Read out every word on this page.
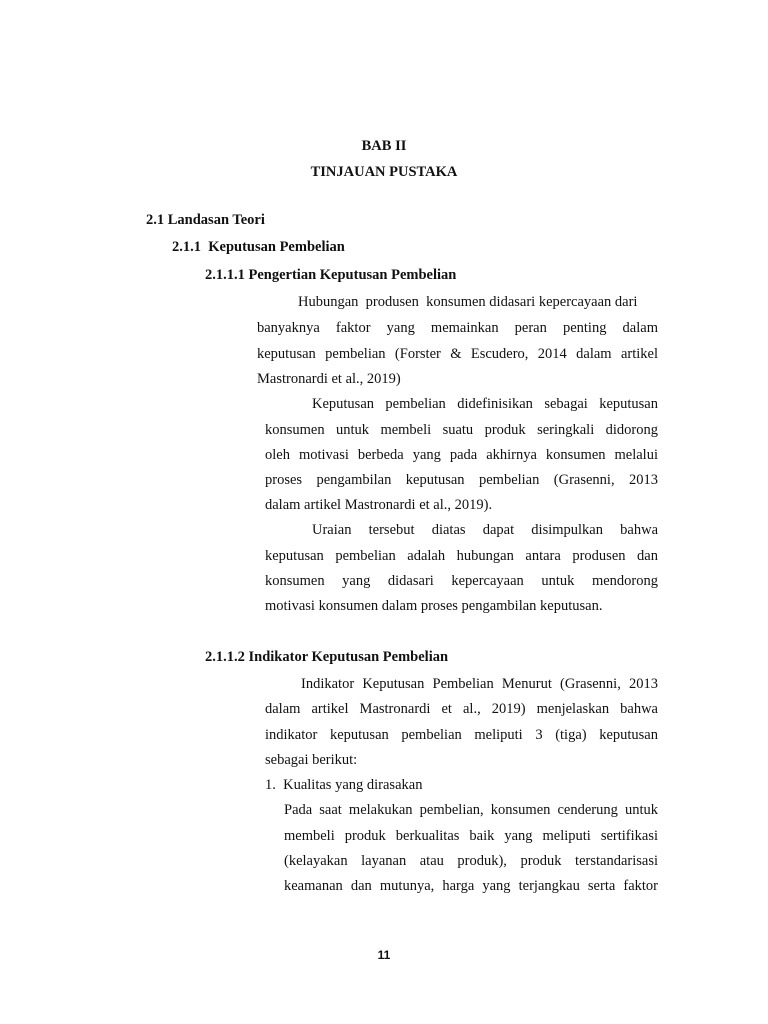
BAB II
TINJAUAN PUSTAKA
2.1 Landasan Teori
2.1.1  Keputusan Pembelian
2.1.1.1 Pengertian Keputusan Pembelian
Hubungan  produsen  konsumen didasari kepercayaan dari
banyaknya faktor yang memainkan peran penting dalam
keputusan pembelian (Forster & Escudero, 2014 dalam artikel
Mastronardi et al., 2019)
Keputusan pembelian didefinisikan sebagai keputusan
konsumen untuk membeli suatu produk seringkali didorong
oleh motivasi berbeda yang pada akhirnya konsumen melalui
proses pengambilan keputusan pembelian (Grasenni, 2013
dalam artikel Mastronardi et al., 2019).
Uraian tersebut diatas dapat disimpulkan bahwa
keputusan pembelian adalah hubungan antara produsen dan
konsumen yang didasari kepercayaan untuk mendorong
motivasi konsumen dalam proses pengambilan keputusan.
2.1.1.2 Indikator Keputusan Pembelian
Indikator Keputusan Pembelian Menurut (Grasenni, 2013
dalam artikel Mastronardi et al., 2019) menjelaskan bahwa
indikator keputusan pembelian meliputi 3 (tiga) keputusan
sebagai berikut:
1.  Kualitas yang dirasakan
Pada saat melakukan pembelian, konsumen cenderung untuk
membeli produk berkualitas baik yang meliputi sertifikasi
(kelayakan layanan atau produk), produk terstandarisasi
keamanan dan mutunya, harga yang terjangkau serta faktor
11
